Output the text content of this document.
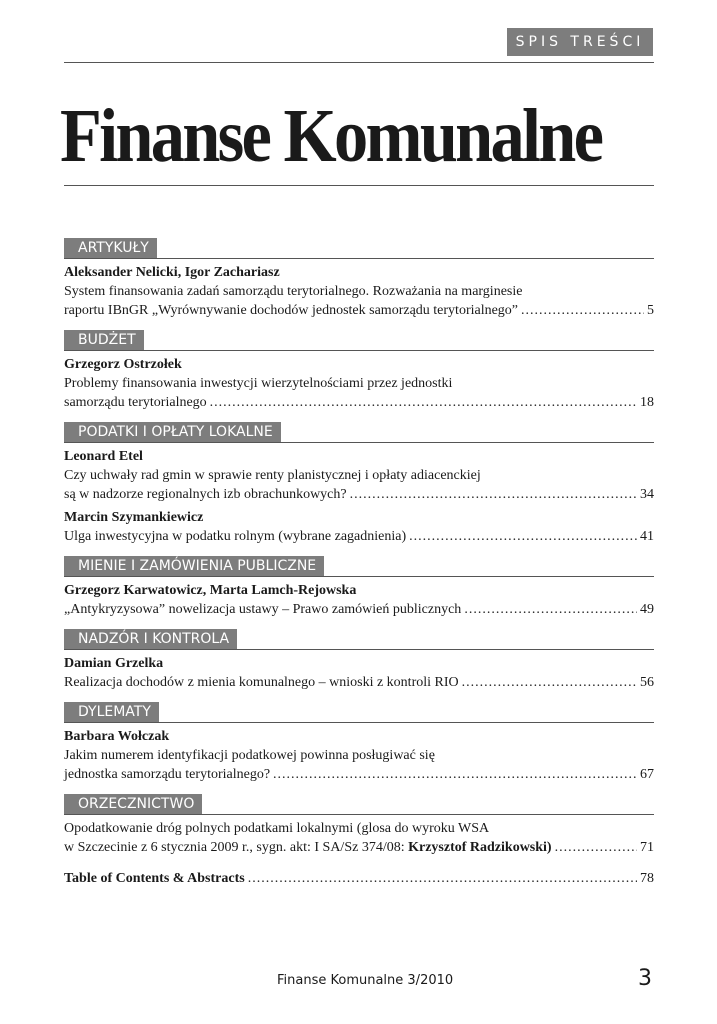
SPIS TREŚCI
Finanse Komunalne
ARTYKUŁY
Aleksander Nelicki, Igor Zachariasz
System finansowania zadań samorządu terytorialnego. Rozważania na marginesie
raportu IBnGR „Wyrównywanie dochodów jednostek samorządu terytorialnego” .....	5
BUDŻET
Grzegorz Ostrzołek
Problemy finansowania inwestycji wierzytelnościami przez jednostki
samorządu terytorialnego .....	18
PODATKI I OPŁATY LOKALNE
Leonard Etel
Czy uchwały rad gmin w sprawie renty planistycznej i opłaty adiacenckiej
są w nadzorze regionalnych izb obrachunkowych? .....	34
Marcin Szymankiewicz
Ulga inwestycyjna w podatku rolnym (wybrane zagadnienia) .....	41
MIENIE I ZAMÓWIENIA PUBLICZNE
Grzegorz Karwatowicz, Marta Lamch-Rejowska
„Antykryzysowa” nowelizacja ustawy – Prawo zamówień publicznych .....	49
NADZÓR I KONTROLA
Damian Grzelka
Realizacja dochodów z mienia komunalnego – wnioski z kontroli RIO .....	56
DYLEMATY
Barbara Wołczak
Jakim numerem identyfikacji podatkowej powinna posługiwać się
jednostka samorządu terytorialnego? .....	67
ORZECZNICTWO
Opodatkowanie dróg polnych podatkami lokalnymi (glosa do wyroku WSA
w Szczecinie z 6 stycznia 2009 r., sygn. akt: I SA/Sz 374/08: Krzysztof Radzikowski) .....	71
Table of Contents & Abstracts .....	78
Finanse Komunalne 3/2010	3
